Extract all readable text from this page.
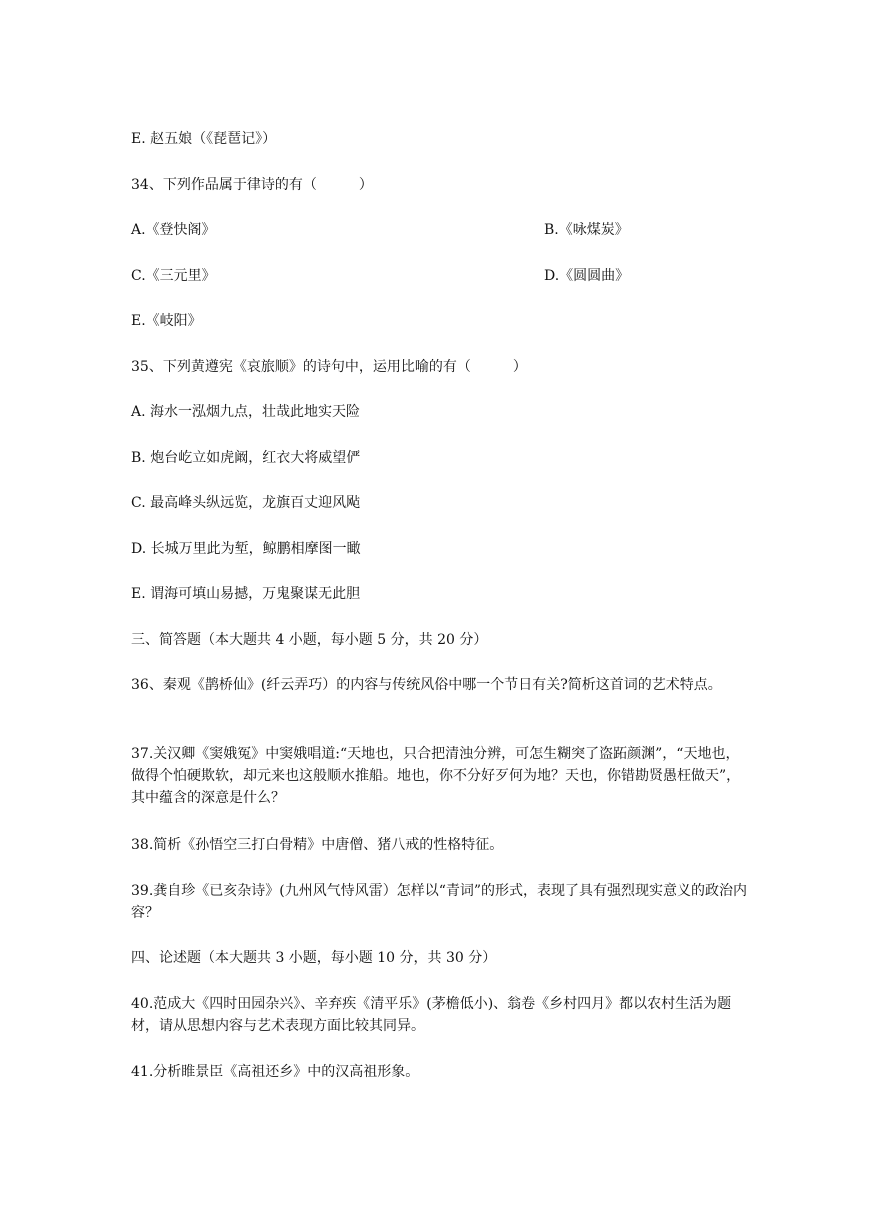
E. 赵五娘（《琵琶记》）
34、下列作品属于律诗的有（　　　）
A.《登快阁》	B.《咏煤炭》
C.《三元里》	D.《圆圆曲》
E.《岐阳》
35、下列黄遵宪《哀旅顺》的诗句中，运用比喻的有（　　　）
A. 海水一泓烟九点，壮哉此地实天险
B. 炮台屹立如虎阚，红衣大将威望俨
C. 最高峰头纵远览，龙旗百丈迎风飐
D. 长城万里此为堑，鲸鹏相摩图一瞰
E. 谓海可填山易撼，万鬼聚谋无此胆
三、简答题（本大题共 4 小题，每小题 5 分，共 20 分）
36、秦观《鹊桥仙》(纤云弄巧）的内容与传统风俗中哪一个节日有关?简析这首词的艺术特点。
37.关汉卿《窦娥冤》中窦娥唱道:“天地也，只合把清浊分辨，可怎生糊突了盗跖颜渊”，“天地也，做得个怕硬欺软，却元来也这般顺水推船。地也，你不分好歹何为地？天也，你错勘贤愚枉做天”，其中蕴含的深意是什么？
38.简析《孙悟空三打白骨精》中唐僧、猪八戒的性格特征。
39.龚自珍《已亥杂诗》(九州风气恃风雷）怎样以“青词”的形式，表现了具有强烈现实意义的政治内容？
四、论述题（本大题共 3 小题，每小题 10 分，共 30 分）
40.范成大《四时田园杂兴》、辛弃疾《清平乐》(茅檐低小)、翁卷《乡村四月》都以农村生活为题材，请从思想内容与艺术表现方面比较其同异。
41.分析睢景臣《高祖还乡》中的汉高祖形象。
